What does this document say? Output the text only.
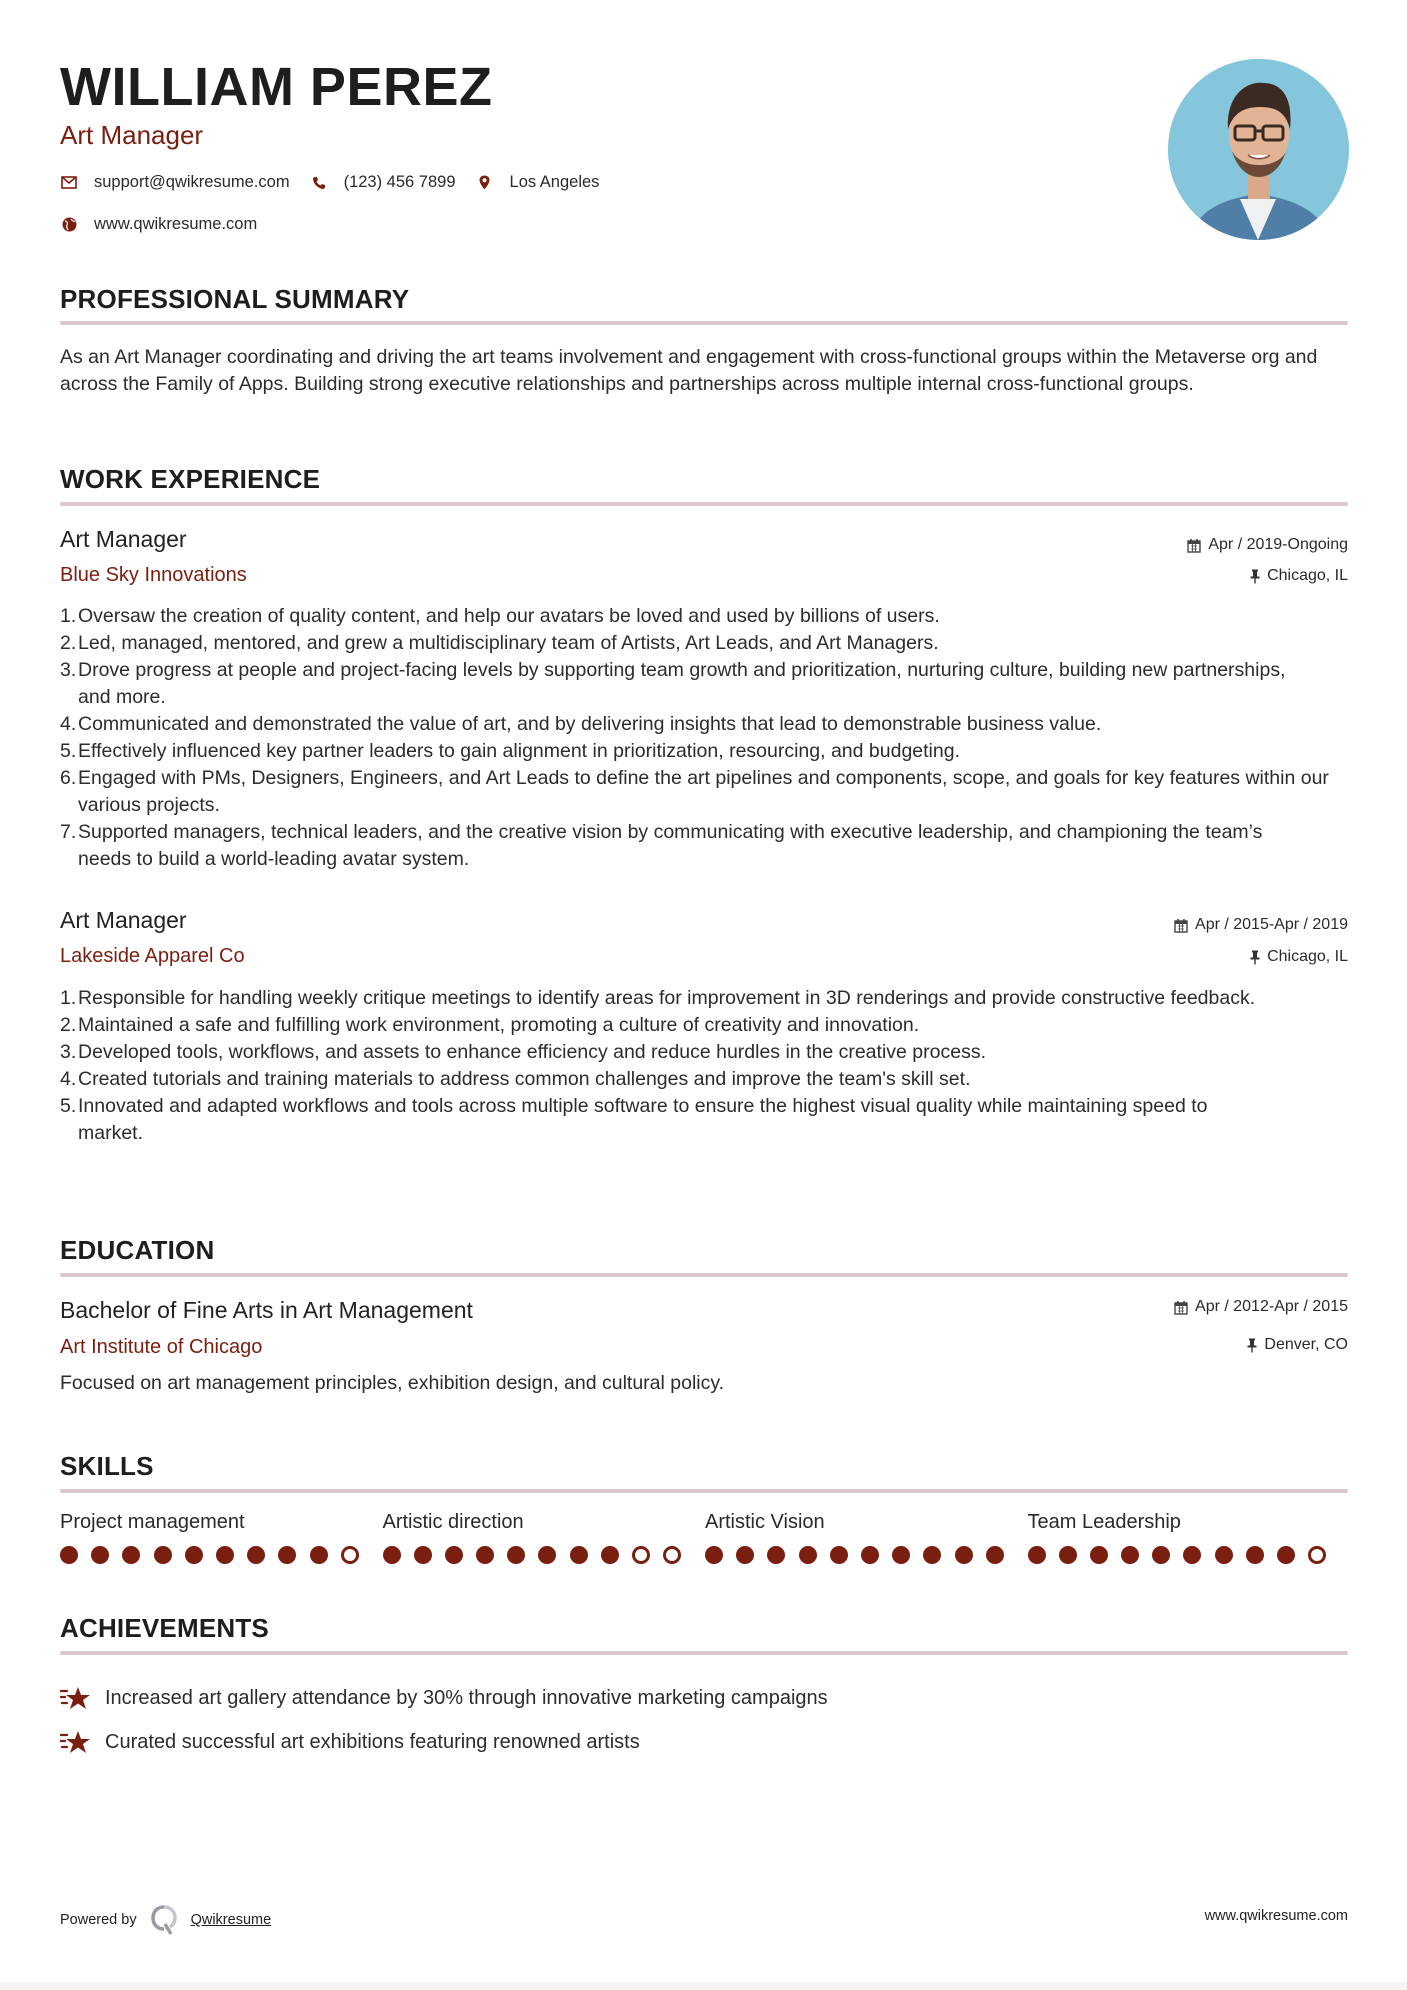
WILLIAM PEREZ
Art Manager
support@qwikresume.com	(123) 456 7899	Los Angeles
www.qwikresume.com
PROFESSIONAL SUMMARY
As an Art Manager coordinating and driving the art teams involvement and engagement with cross-functional groups within the Metaverse org and across the Family of Apps. Building strong executive relationships and partnerships across multiple internal cross-functional groups.
WORK EXPERIENCE
Art Manager
Blue Sky Innovations
Apr / 2019-Ongoing
Chicago, IL
1. Oversaw the creation of quality content, and help our avatars be loved and used by billions of users.
2. Led, managed, mentored, and grew a multidisciplinary team of Artists, Art Leads, and Art Managers.
3. Drove progress at people and project-facing levels by supporting team growth and prioritization, nurturing culture, building new partnerships, and more.
4. Communicated and demonstrated the value of art, and by delivering insights that lead to demonstrable business value.
5. Effectively influenced key partner leaders to gain alignment in prioritization, resourcing, and budgeting.
6. Engaged with PMs, Designers, Engineers, and Art Leads to define the art pipelines and components, scope, and goals for key features within our various projects.
7. Supported managers, technical leaders, and the creative vision by communicating with executive leadership, and championing the team’s needs to build a world-leading avatar system.
Art Manager
Lakeside Apparel Co
Apr / 2015-Apr / 2019
Chicago, IL
1. Responsible for handling weekly critique meetings to identify areas for improvement in 3D renderings and provide constructive feedback.
2. Maintained a safe and fulfilling work environment, promoting a culture of creativity and innovation.
3. Developed tools, workflows, and assets to enhance efficiency and reduce hurdles in the creative process.
4. Created tutorials and training materials to address common challenges and improve the team's skill set.
5. Innovated and adapted workflows and tools across multiple software to ensure the highest visual quality while maintaining speed to market.
EDUCATION
Bachelor of Fine Arts in Art Management
Art Institute of Chicago
Apr / 2012-Apr / 2015
Denver, CO
Focused on art management principles, exhibition design, and cultural policy.
SKILLS
Project management	Artistic direction	Artistic Vision	Team Leadership
ACHIEVEMENTS
Increased art gallery attendance by 30% through innovative marketing campaigns
Curated successful art exhibitions featuring renowned artists
Powered by	Qwikresume	www.qwikresume.com
